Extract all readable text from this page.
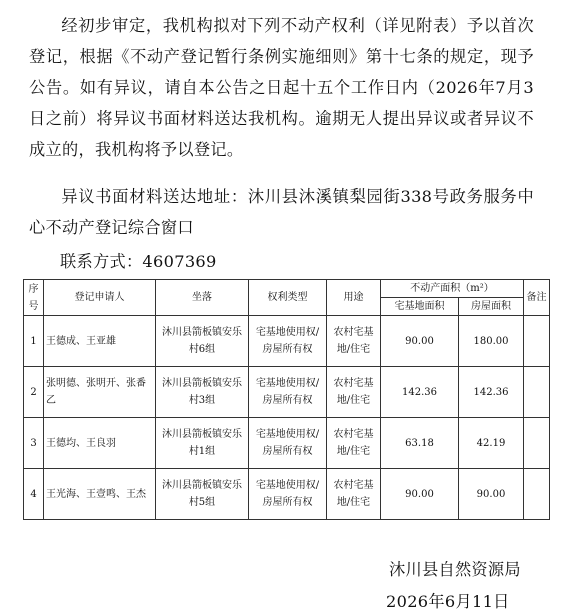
经初步审定，我机构拟对下列不动产权利（详见附表）予以首次登记，根据《不动产登记暂行条例实施细则》第十七条的规定，现予公告。如有异议，请自本公告之日起十五个工作日内（2026年7月3日之前）将异议书面材料送达我机构。逾期无人提出异议或者异议不成立的，我机构将予以登记。
异议书面材料送达地址：沐川县沐溪镇梨园街338号政务服务中心不动产登记综合窗口
联系方式：4607369
序号	登记申请人	坐落	权利类型	用途	不动产面积（m²）		备注
					宅基地面积	房屋面积	
1	王德成、王亚雄	沐川县箭板镇安乐村6组	宅基地使用权/房屋所有权	农村宅基地/住宅	90.00	180.00	
2	张明德、张明开、张番乙	沐川县箭板镇安乐村3组	宅基地使用权/房屋所有权	农村宅基地/住宅	142.36	142.36	
3	王德均、王良羽	沐川县箭板镇安乐村1组	宅基地使用权/房屋所有权	农村宅基地/住宅	63.18	42.19	
4	王光海、王壹鸣、王杰	沐川县箭板镇安乐村5组	宅基地使用权/房屋所有权	农村宅基地/住宅	90.00	90.00	
沐川县自然资源局
2026年6月11日
